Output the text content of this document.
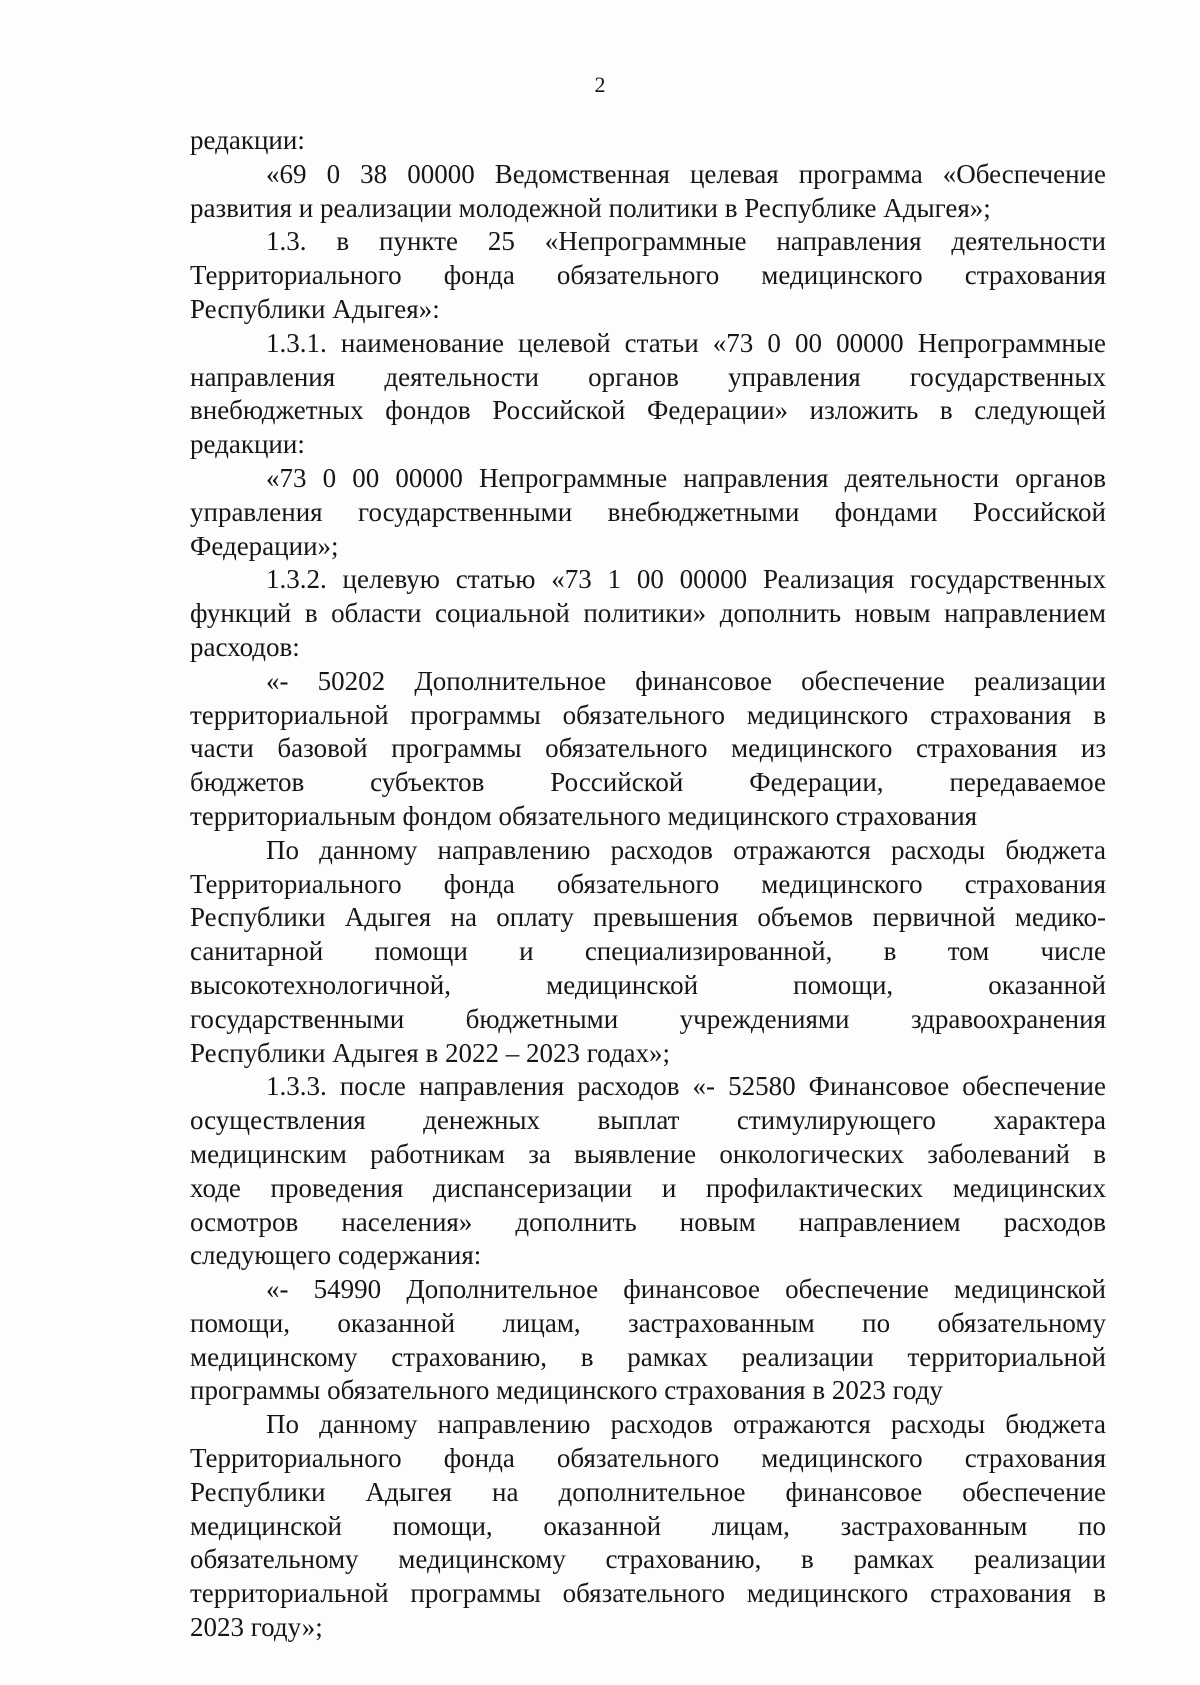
2
редакции:
«69 0 38 00000 Ведомственная целевая программа «Обеспечение
развития и реализации молодежной политики в Республике Адыгея»;
1.3. в пункте 25 «Непрограммные направления деятельности
Территориального фонда обязательного медицинского страхования
Республики Адыгея»:
1.3.1. наименование целевой статьи «73 0 00 00000 Непрограммные
направления деятельности органов управления государственных
внебюджетных фондов Российской Федерации» изложить в следующей
редакции:
«73 0 00 00000 Непрограммные направления деятельности органов
управления государственными внебюджетными фондами Российской
Федерации»;
1.3.2. целевую статью «73 1 00 00000 Реализация государственных
функций в области социальной политики» дополнить новым направлением
расходов:
«- 50202 Дополнительное финансовое обеспечение реализации
территориальной программы обязательного медицинского страхования в
части базовой программы обязательного медицинского страхования из
бюджетов субъектов Российской Федерации, передаваемое
территориальным фондом обязательного медицинского страхования
По данному направлению расходов отражаются расходы бюджета
Территориального фонда обязательного медицинского страхования
Республики Адыгея на оплату превышения объемов первичной медико-
санитарной помощи и специализированной, в том числе
высокотехнологичной, медицинской помощи, оказанной
государственными бюджетными учреждениями здравоохранения
Республики Адыгея в 2022 – 2023 годах»;
1.3.3. после направления расходов «- 52580 Финансовое обеспечение
осуществления денежных выплат стимулирующего характера
медицинским работникам за выявление онкологических заболеваний в
ходе проведения диспансеризации и профилактических медицинских
осмотров населения» дополнить новым направлением расходов
следующего содержания:
«- 54990 Дополнительное финансовое обеспечение медицинской
помощи, оказанной лицам, застрахованным по обязательному
медицинскому страхованию, в рамках реализации территориальной
программы обязательного медицинского страхования в 2023 году
По данному направлению расходов отражаются расходы бюджета
Территориального фонда обязательного медицинского страхования
Республики Адыгея на дополнительное финансовое обеспечение
медицинской помощи, оказанной лицам, застрахованным по
обязательному медицинскому страхованию, в рамках реализации
территориальной программы обязательного медицинского страхования в
2023 году»;
